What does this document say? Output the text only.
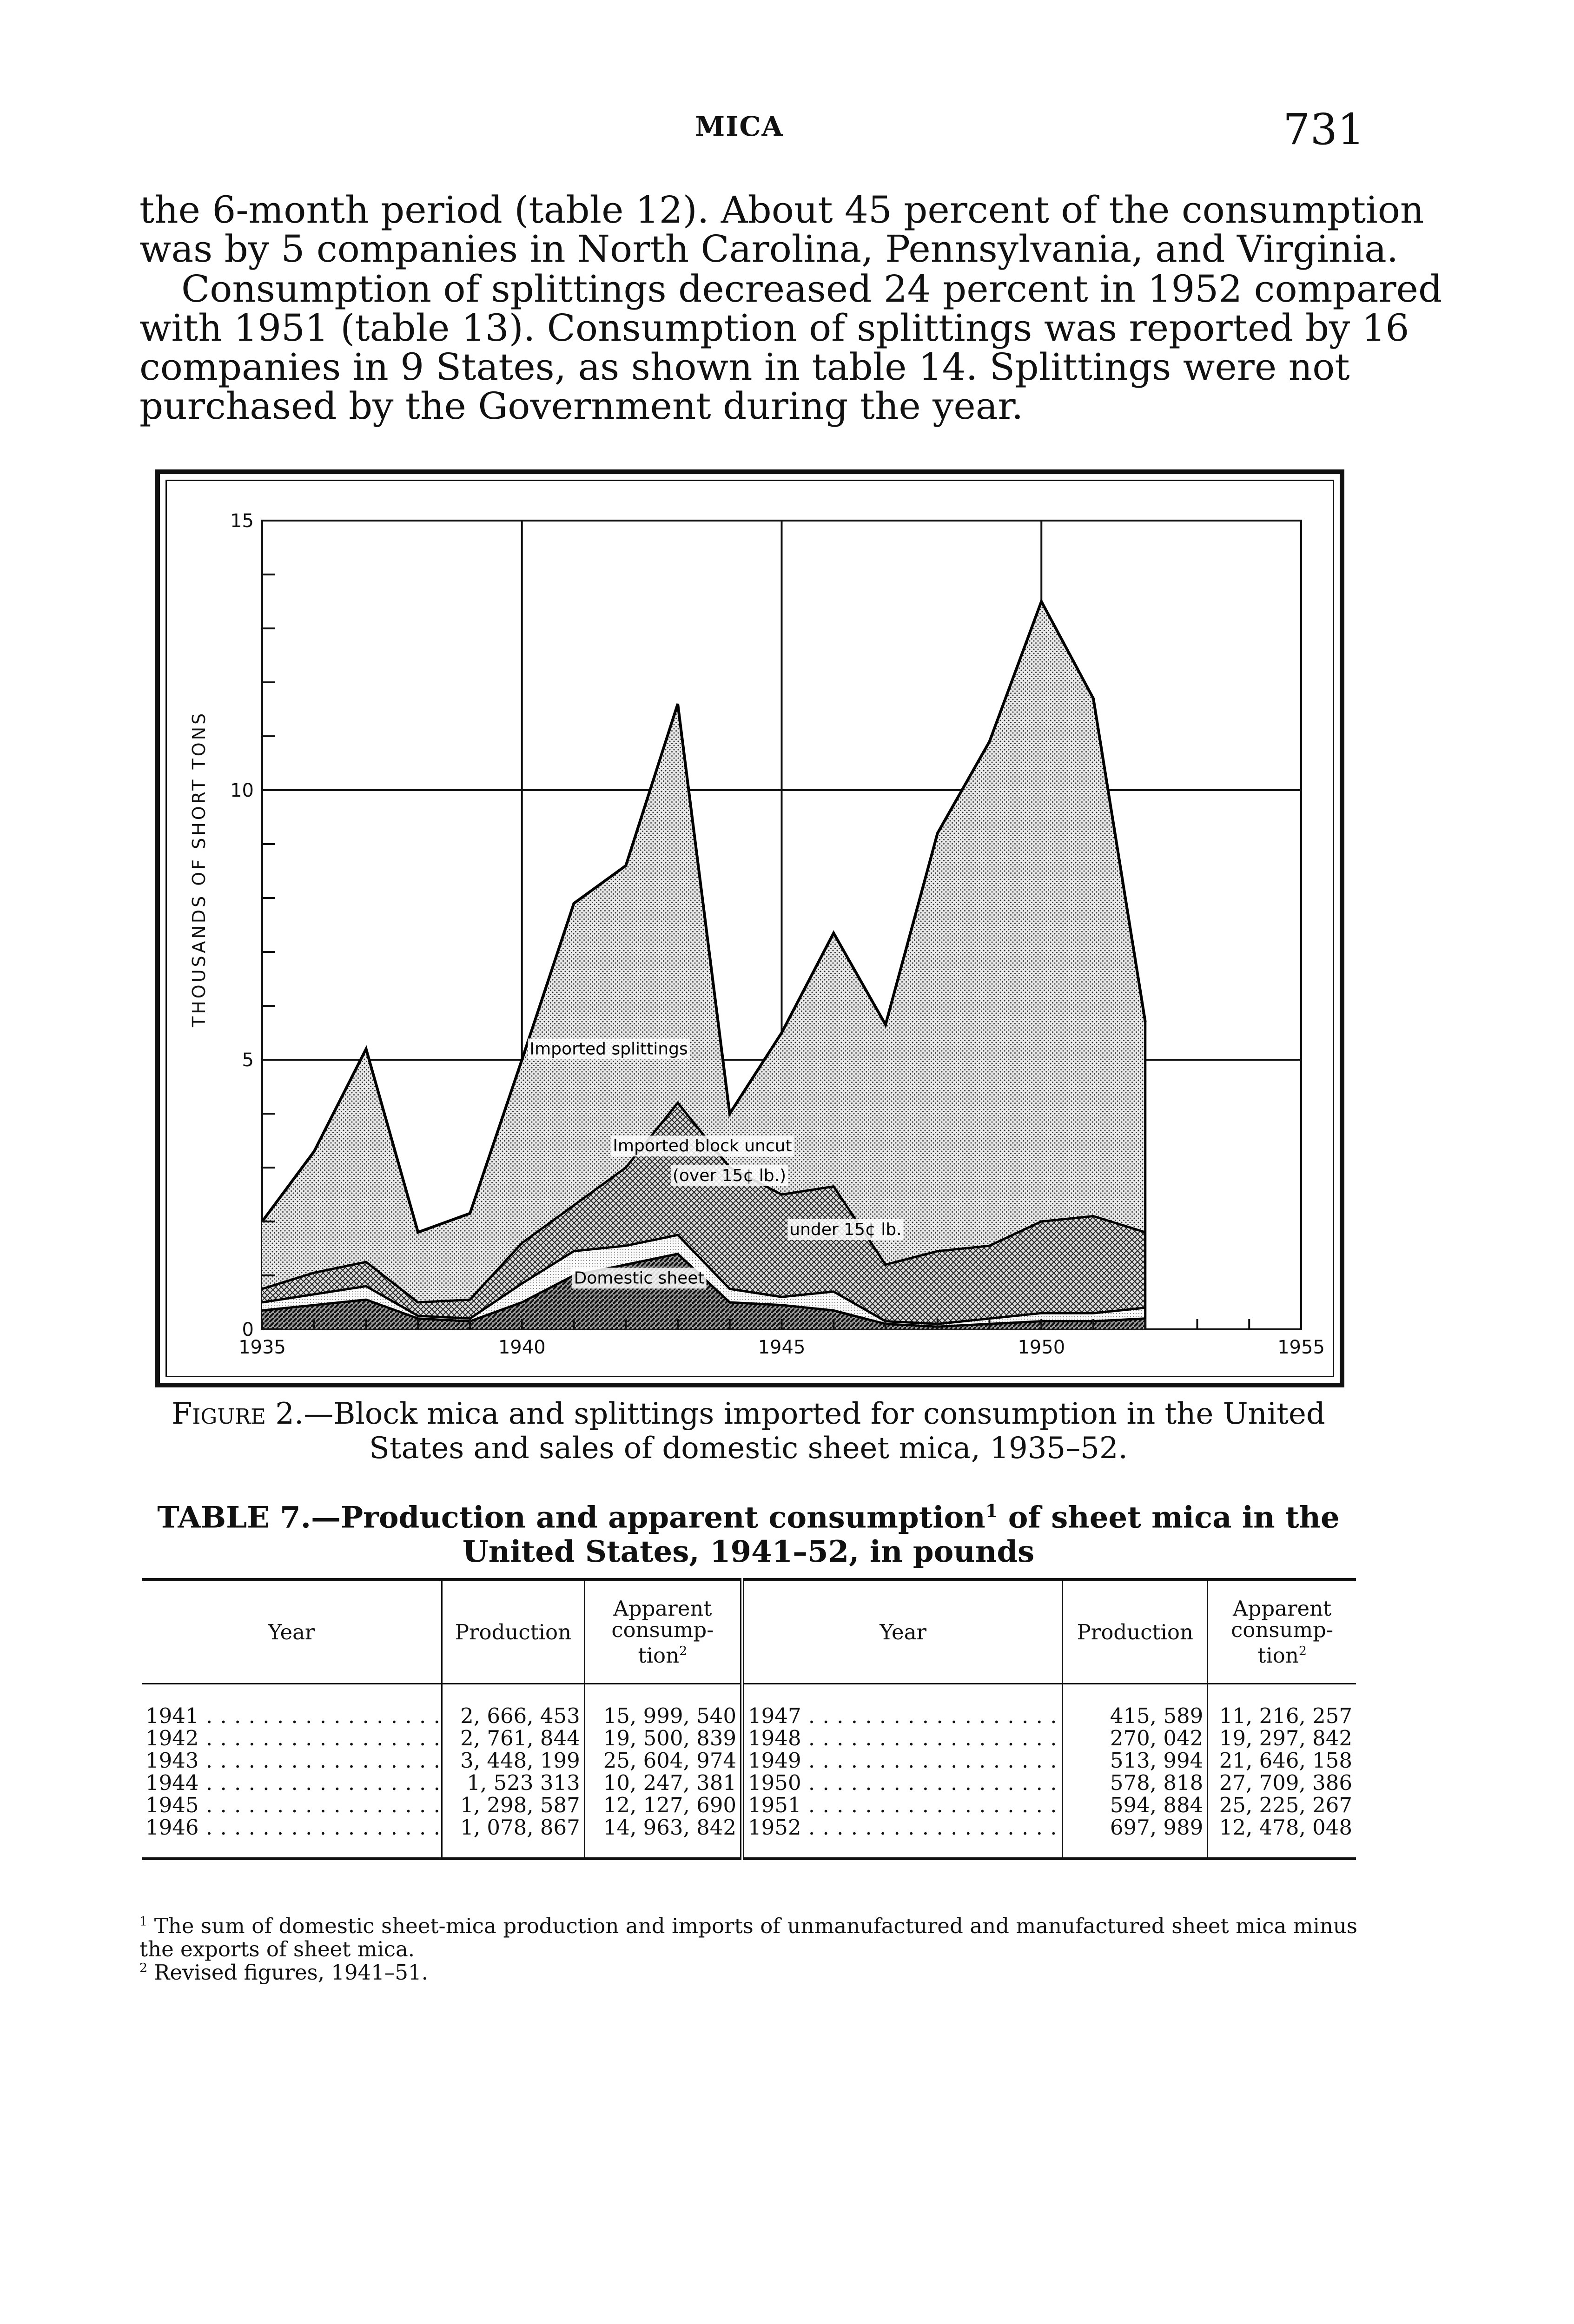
MICA	731
the 6-month period (table 12). About 45 percent of the consumption
was by 5 companies in North Carolina, Pennsylvania, and Virginia.
Consumption of splittings decreased 24 percent in 1952 compared
with 1951 (table 13). Consumption of splittings was reported by 16
companies in 9 States, as shown in table 14. Splittings were not
purchased by the Government during the year.
0
5
10
15
1935	1940	1945	1950	1955
THOUSANDS OF SHORT TONS
Imported splittings
Imported block uncut
(over 15¢ lb.)
under 15¢ lb.
Domestic sheet
Figure 2.—Block mica and splittings imported for consumption in the United States and sales of domestic sheet mica, 1935–52.
TABLE 7.—Production and apparent consumption$^1$ of sheet mica in the United States, 1941–52, in pounds
Year	Production	Apparent consump- tion$^2$	Year	Production	Apparent consump- tion$^2$
1941 . . .	2, 666, 453	15, 999, 540	1947 . . .	415, 589	11, 216, 257
1942 . . .	2, 761, 844	19, 500, 839	1948 . . .	270, 042	19, 297, 842
1943 . . .	3, 448, 199	25, 604, 974	1949 . . .	513, 994	21, 646, 158
1944 . . .	1, 523 313	10, 247, 381	1950 . . .	578, 818	27, 709, 386
1945 . . .	1, 298, 587	12, 127, 690	1951 . . .	594, 884	25, 225, 267
1946 . . .	1, 078, 867	14, 963, 842	1952 . . .	697, 989	12, 478, 048
$^1$ The sum of domestic sheet-mica production and imports of unmanufactured and manufactured sheet mica minus the exports of sheet mica.
$^2$ Revised figures, 1941–51.
